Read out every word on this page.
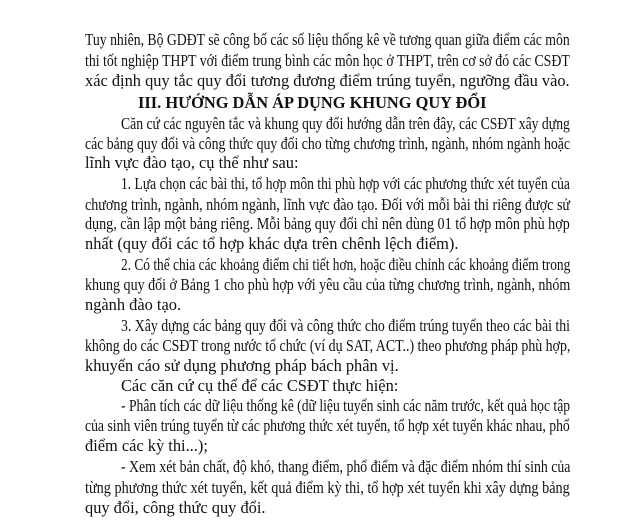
Tuy nhiên, Bộ GDĐT sẽ công bố các số liệu thống kê về tương quan giữa điểm các môn
thi tốt nghiệp THPT với điểm trung bình các môn học ở THPT, trên cơ sở đó các CSĐT
xác định quy tắc quy đổi tương đương điểm trúng tuyển, ngưỡng đầu vào.
III. HƯỚNG DẪN ÁP DỤNG KHUNG QUY ĐỔI
Căn cứ các nguyên tắc và khung quy đổi hướng dẫn trên đây, các CSĐT xây dựng
các bảng quy đổi và công thức quy đổi cho từng chương trình, ngành, nhóm ngành hoặc
lĩnh vực đào tạo, cụ thể như sau:
1. Lựa chọn các bài thi, tổ hợp môn thi phù hợp với các phương thức xét tuyển của
chương trình, ngành, nhóm ngành, lĩnh vực đào tạo. Đối với mỗi bài thi riêng được sử
dụng, cần lập một bảng riêng. Mỗi bảng quy đổi chỉ nên dùng 01 tổ hợp môn phù hợp
nhất (quy đổi các tổ hợp khác dựa trên chênh lệch điểm).
2. Có thể chia các khoảng điểm chi tiết hơn, hoặc điều chỉnh các khoảng điểm trong
khung quy đổi ở Bảng 1 cho phù hợp với yêu cầu của từng chương trình, ngành, nhóm
ngành đào tạo.
3. Xây dựng các bảng quy đổi và công thức cho điểm trúng tuyển theo các bài thi
không do các CSĐT trong nước tổ chức (ví dụ SAT, ACT..) theo phương pháp phù hợp,
khuyến cáo sử dụng phương pháp bách phân vị.
Các căn cứ cụ thể để các CSĐT thực hiện:
- Phân tích các dữ liệu thống kê (dữ liệu tuyển sinh các năm trước, kết quả học tập
của sinh viên trúng tuyển từ các phương thức xét tuyển, tổ hợp xét tuyển khác nhau, phổ
điểm các kỳ thi...);
- Xem xét bản chất, độ khó, thang điểm, phổ điểm và đặc điểm nhóm thí sinh của
từng phương thức xét tuyển, kết quả điểm kỳ thi, tổ hợp xét tuyển khi xây dựng bảng
quy đổi, công thức quy đổi.
